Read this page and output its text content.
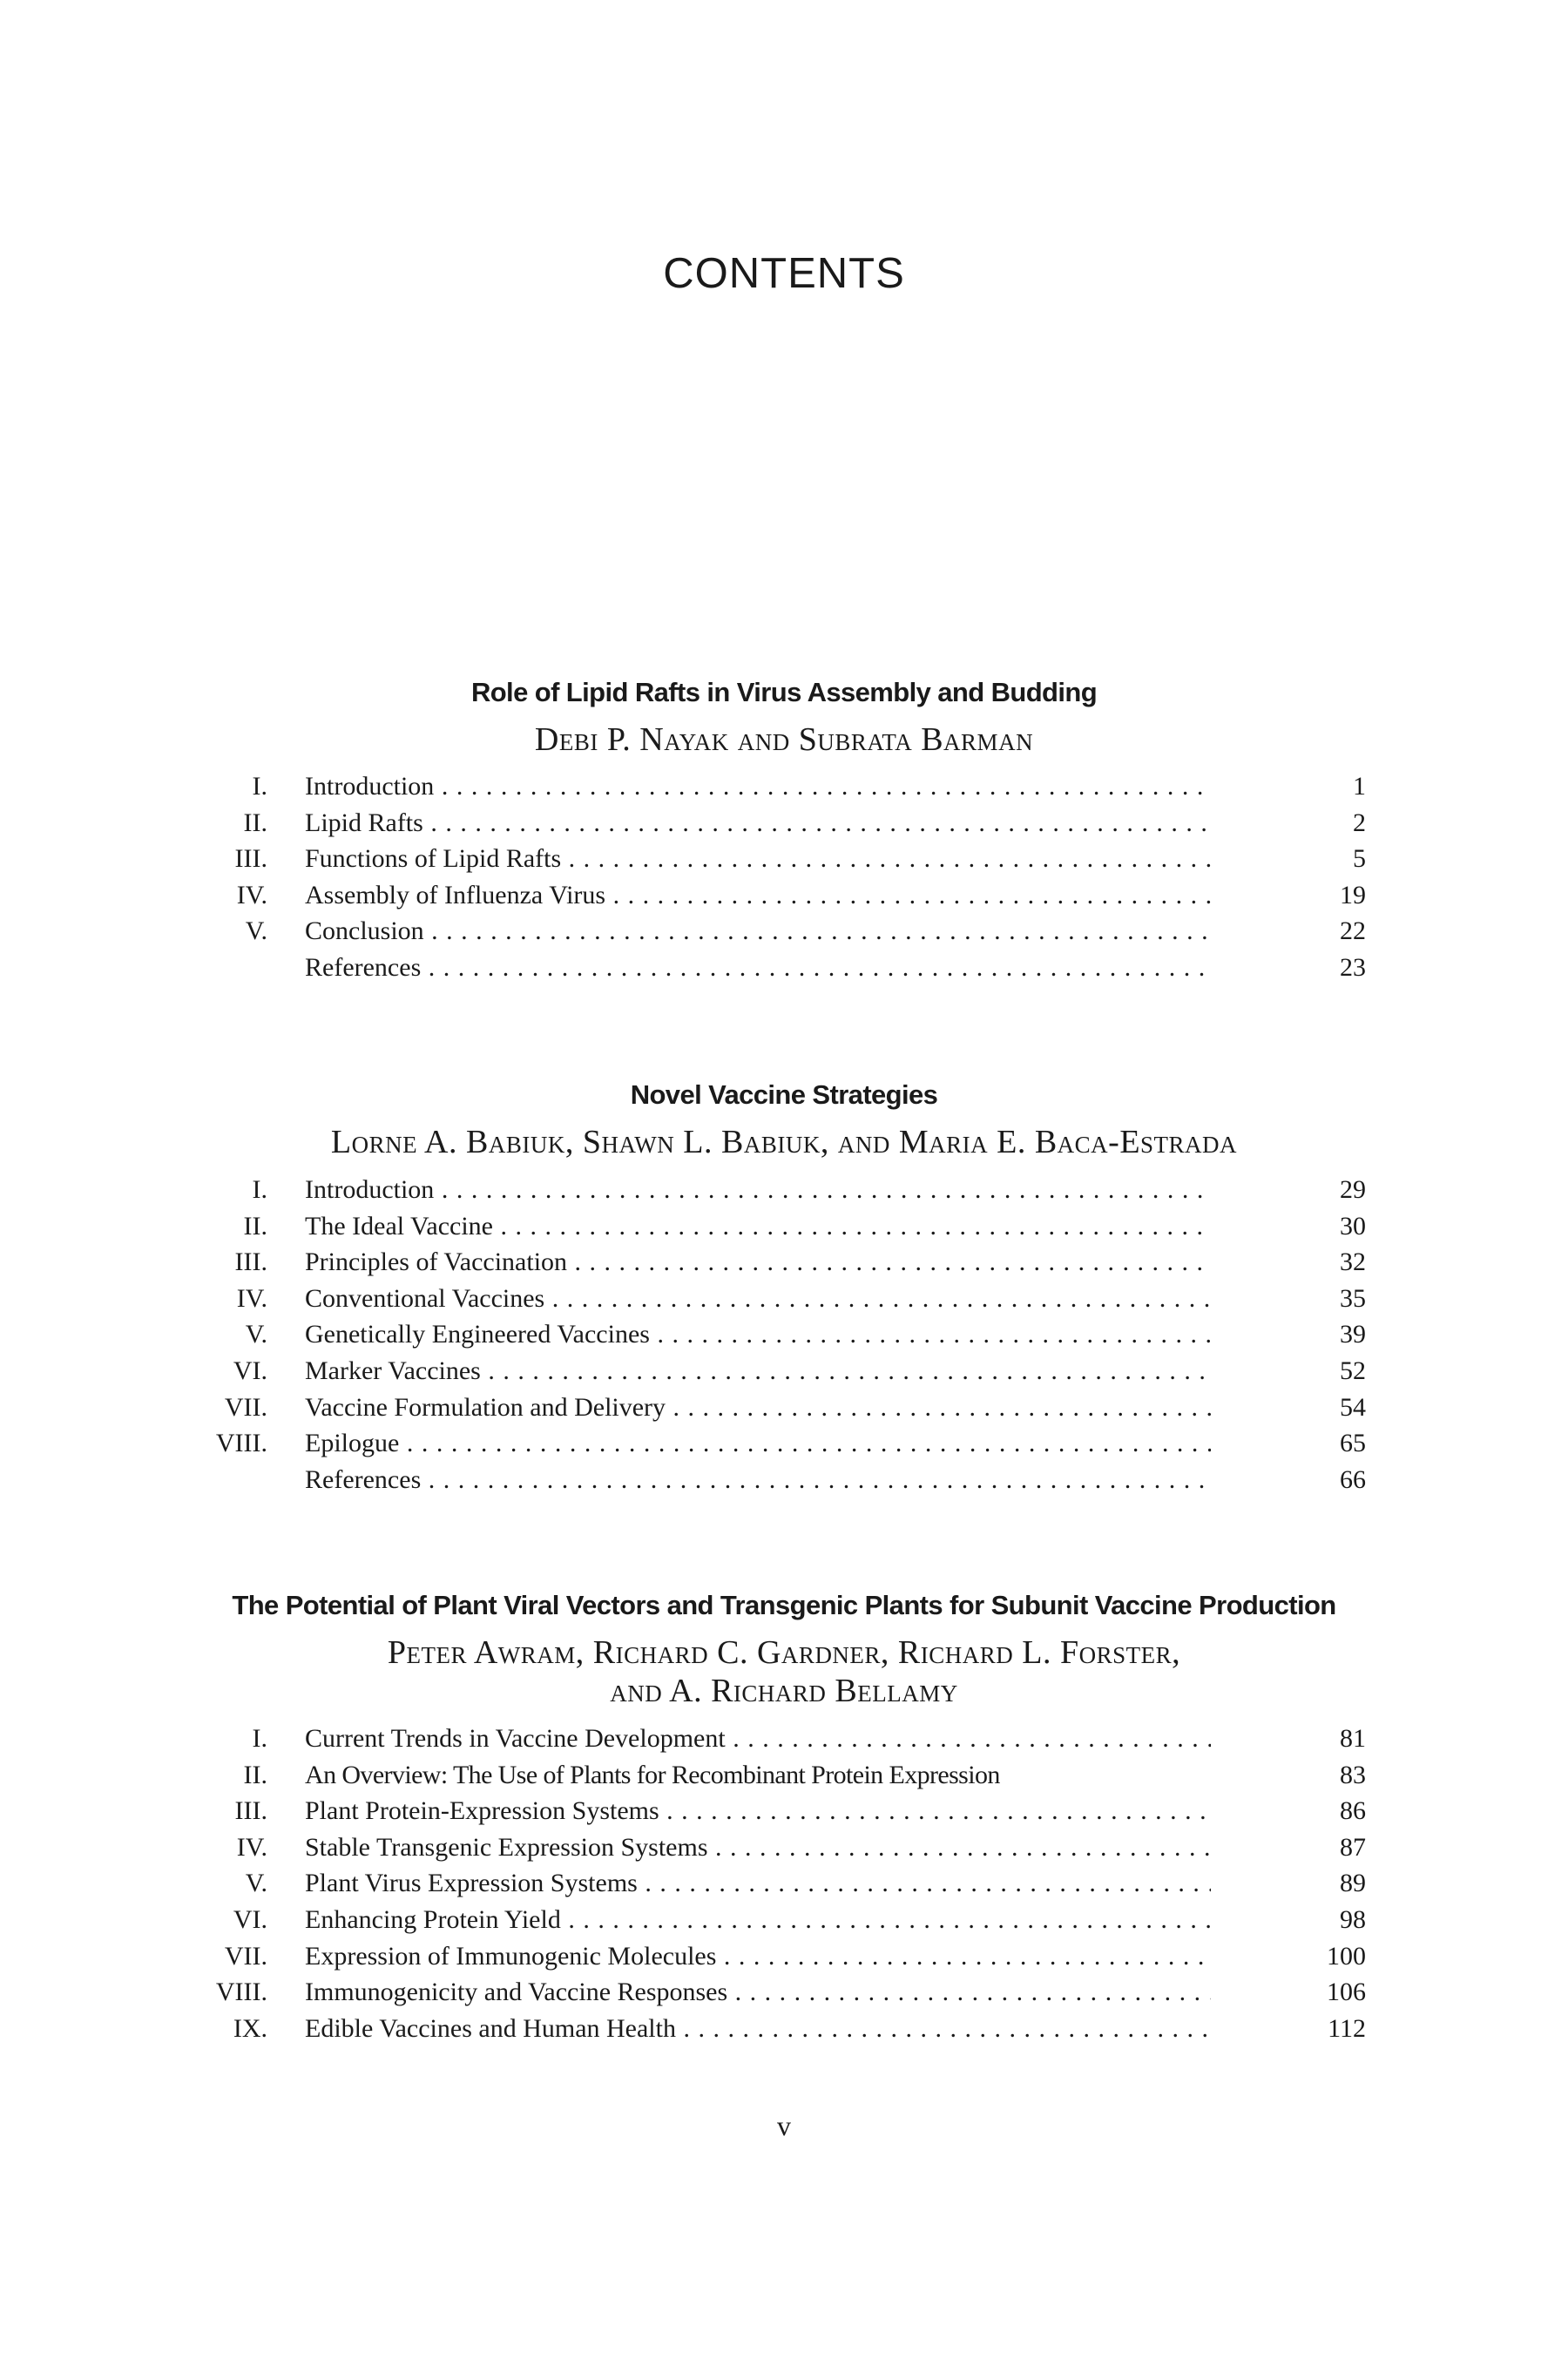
CONTENTS
Role of Lipid Rafts in Virus Assembly and Budding
Debi P. Nayak and Subrata Barman
I. Introduction . . .	1
II. Lipid Rafts . . .	2
III. Functions of Lipid Rafts . . .	5
IV. Assembly of Influenza Virus . . .	19
V. Conclusion . . .	22
References . . .	23
Novel Vaccine Strategies
Lorne A. Babiuk, Shawn L. Babiuk, and Maria E. Baca-Estrada
I. Introduction . . .	29
II. The Ideal Vaccine . . .	30
III. Principles of Vaccination . . .	32
IV. Conventional Vaccines . . .	35
V. Genetically Engineered Vaccines . . .	39
VI. Marker Vaccines . . .	52
VII. Vaccine Formulation and Delivery . . .	54
VIII. Epilogue . . .	65
References . . .	66
The Potential of Plant Viral Vectors and Transgenic Plants for Subunit Vaccine Production
Peter Awram, Richard C. Gardner, Richard L. Forster,
and A. Richard Bellamy
I. Current Trends in Vaccine Development . . .	81
II. An Overview: The Use of Plants for Recombinant Protein Expression	83
III. Plant Protein-Expression Systems . . .	86
IV. Stable Transgenic Expression Systems . . .	87
V. Plant Virus Expression Systems . . .	89
VI. Enhancing Protein Yield . . .	98
VII. Expression of Immunogenic Molecules . . .	100
VIII. Immunogenicity and Vaccine Responses . . .	106
IX. Edible Vaccines and Human Health . . .	112
v
